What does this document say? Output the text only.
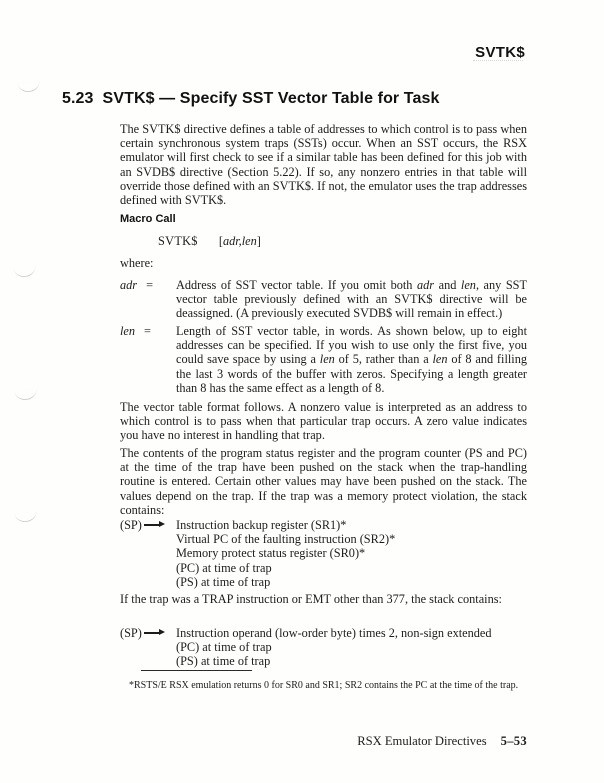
SVTK$
5.23 SVTK$ — Specify SST Vector Table for Task
The SVTK$ directive defines a table of addresses to which control is to pass when certain synchronous system traps (SSTs) occur. When an SST occurs, the RSX emulator will first check to see if a similar table has been defined for this job with an SVDB$ directive (Section 5.22). If so, any nonzero entries in that table will override those defined with an SVTK$. If not, the emulator uses the trap addresses defined with SVTK$.
Macro Call
SVTK$ [adr,len]
where:
adr = Address of SST vector table. If you omit both adr and len, any SST vector table previously defined with an SVTK$ directive will be deassigned. (A previously executed SVDB$ will remain in effect.)
len = Length of SST vector table, in words. As shown below, up to eight addresses can be specified. If you wish to use only the first five, you could save space by using a len of 5, rather than a len of 8 and filling the last 3 words of the buffer with zeros. Specifying a length greater than 8 has the same effect as a length of 8.
The vector table format follows. A nonzero value is interpreted as an address to which control is to pass when that particular trap occurs. A zero value indicates you have no interest in handling that trap.
The contents of the program status register and the program counter (PS and PC) at the time of the trap have been pushed on the stack when the trap-handling routine is entered. Certain other values may have been pushed on the stack. The values depend on the trap. If the trap was a memory protect violation, the stack contains:
(SP)	Instruction backup register (SR1)*
Virtual PC of the faulting instruction (SR2)*
Memory protect status register (SR0)*
(PC) at time of trap
(PS) at time of trap
If the trap was a TRAP instruction or EMT other than 377, the stack contains:
(SP)	Instruction operand (low-order byte) times 2, non-sign extended
(PC) at time of trap
(PS) at time of trap
*RSTS/E RSX emulation returns 0 for SR0 and SR1; SR2 contains the PC at the time of the trap.
RSX Emulator Directives 5–53
